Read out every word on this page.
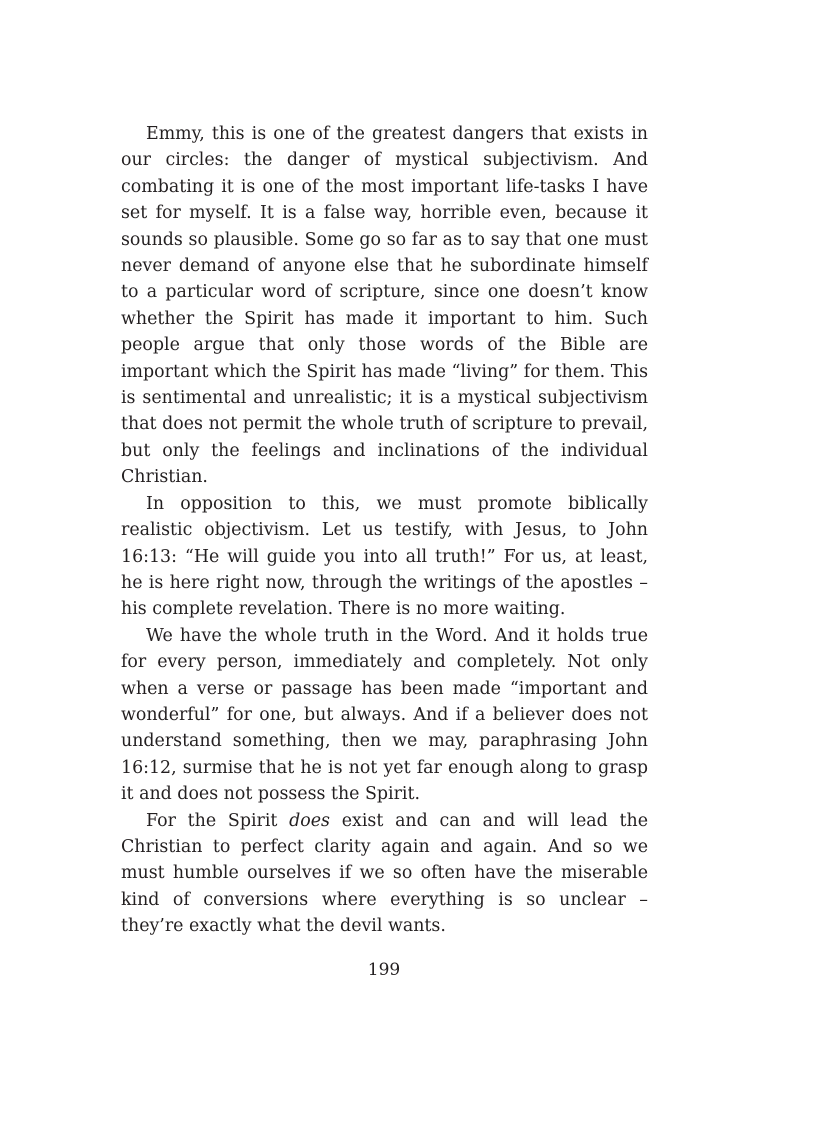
Emmy, this is one of the greatest dangers that exists in our circles: the danger of mystical subjectivism. And combating it is one of the most important life-tasks I have set for myself. It is a false way, horrible even, because it sounds so plausible. Some go so far as to say that one must never demand of anyone else that he subordinate himself to a particular word of scripture, since one doesn’t know whether the Spirit has made it important to him. Such people argue that only those words of the Bible are important which the Spirit has made “living” for them. This is sentimental and unrealistic; it is a mystical subjectivism that does not permit the whole truth of scripture to prevail, but only the feelings and inclinations of the individual Christian.

In opposition to this, we must promote biblically realistic objectivism. Let us testify, with Jesus, to John 16:13: “He will guide you into all truth!” For us, at least, he is here right now, through the writings of the apostles – his complete revelation. There is no more waiting.

We have the whole truth in the Word. And it holds true for every person, immediately and completely. Not only when a verse or passage has been made “important and wonderful” for one, but always. And if a believer does not understand something, then we may, paraphrasing John 16:12, surmise that he is not yet far enough along to grasp it and does not possess the Spirit.

For the Spirit does exist and can and will lead the Christian to perfect clarity again and again. And so we must humble ourselves if we so often have the miserable kind of conversions where everything is so unclear – they’re exactly what the devil wants.

199
